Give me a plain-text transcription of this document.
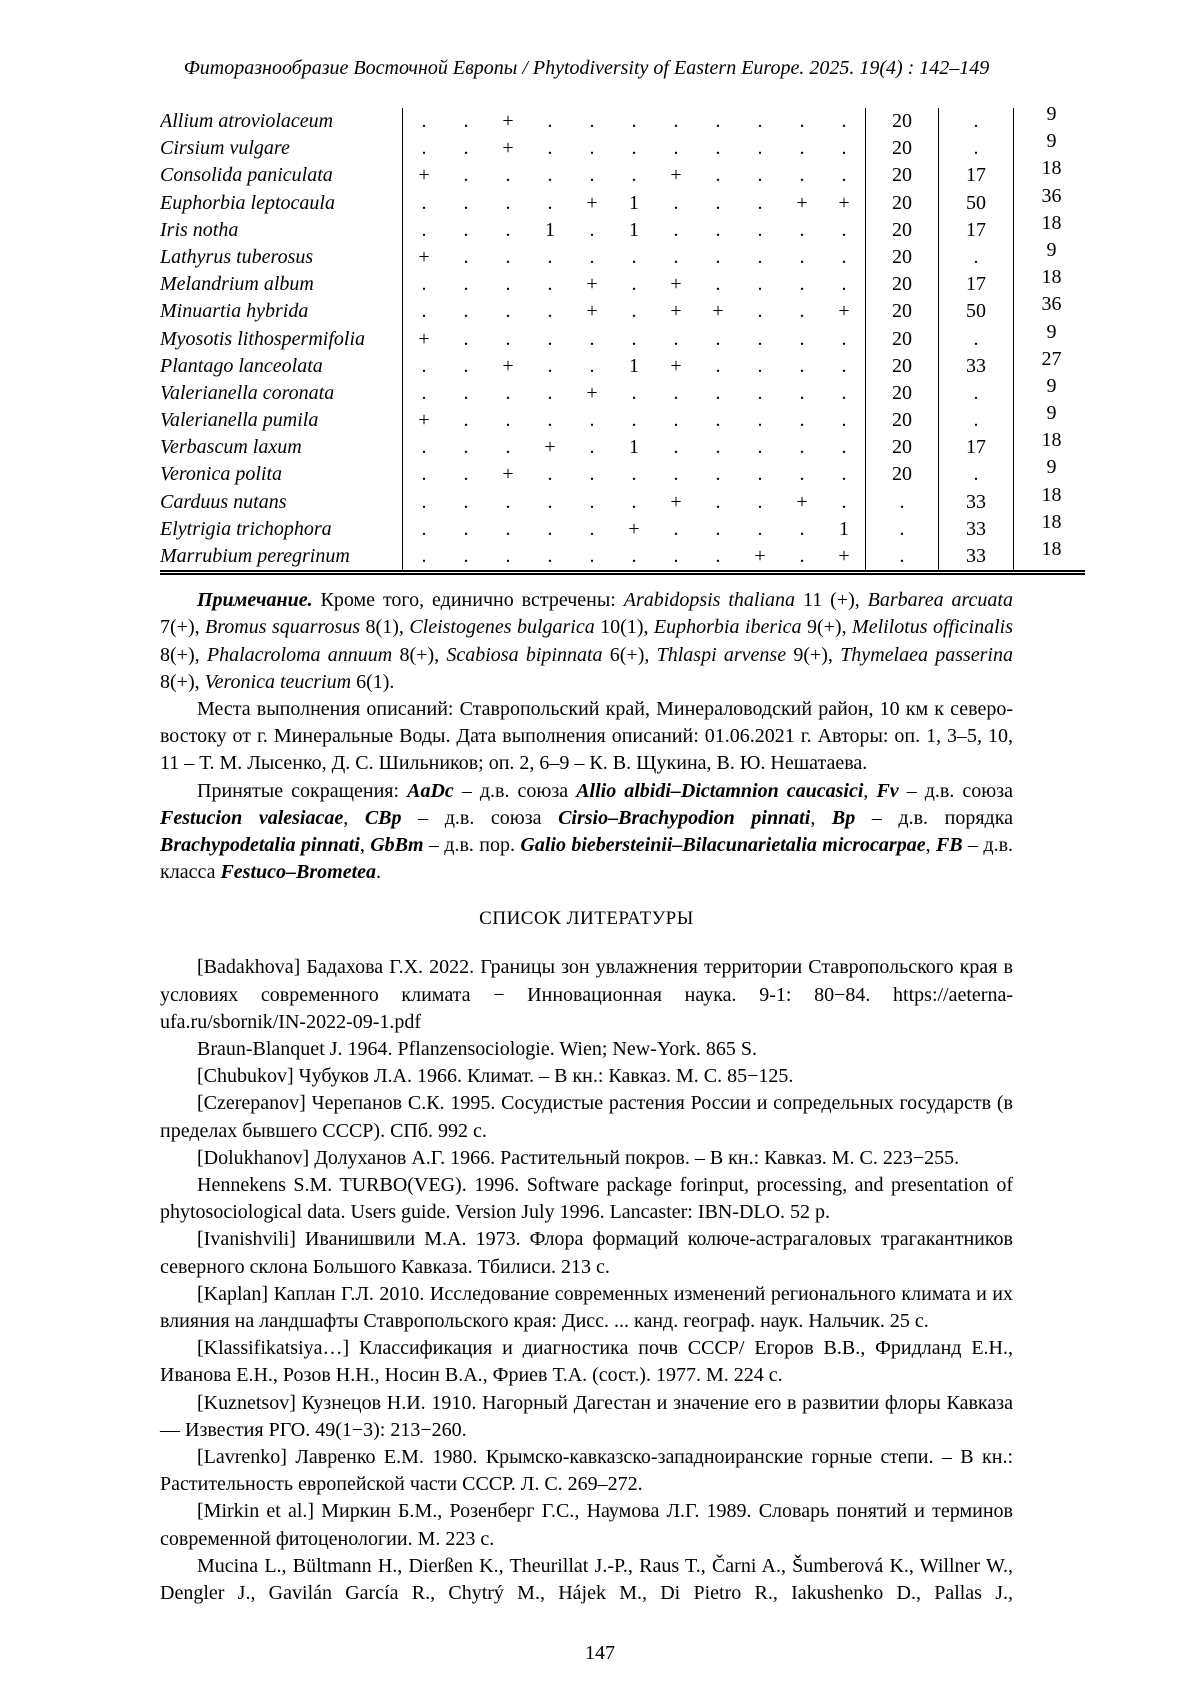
Фиторазнообразие Восточной Европы / Phytodiversity of Eastern Europe. 2025. 19(4) : 142–149
Allium atroviolaceum	.	.	+	.	.	.	.	.	.	.	.	20	.	9
Cirsium vulgare	.	.	+	.	.	.	.	.	.	.	.	20	.	9
Consolida paniculata	+	.	.	.	.	.	+	.	.	.	.	20	17	18
Euphorbia leptocaula	.	.	.	.	+	1	.	.	.	+	+	20	50	36
Iris notha	.	.	.	1	.	1	.	.	.	.	.	20	17	18
Lathyrus tuberosus	+	.	.	.	.	.	.	.	.	.	.	20	.	9
Melandrium album	.	.	.	.	+	.	+	.	.	.	.	20	17	18
Minuartia hybrida	.	.	.	.	+	.	+	+	.	.	+	20	50	36
Myosotis lithospermifolia	+	.	.	.	.	.	.	.	.	.	.	20	.	9
Plantago lanceolata	.	.	+	.	.	1	+	.	.	.	.	20	33	27
Valerianella coronata	.	.	.	.	+	.	.	.	.	.	.	20	.	9
Valerianella pumila	+	.	.	.	.	.	.	.	.	.	.	20	.	9
Verbascum laxum	.	.	.	+	.	1	.	.	.	.	.	20	17	18
Veronica polita	.	.	+	.	.	.	.	.	.	.	.	20	.	9
Carduus nutans	.	.	.	.	.	.	+	.	.	+	.	.	33	18
Elytrigia trichophora	.	.	.	.	.	+	.	.	.	.	1	.	33	18
Marrubium peregrinum	.	.	.	.	.	.	.	.	+	.	+	.	33	18

Примечание. Кроме того, единично встречены: Arabidopsis thaliana 11 (+), Barbarea arcuata 7(+), Bromus squarrosus 8(1), Cleistogenes bulgarica 10(1), Euphorbia iberica 9(+), Melilotus officinalis 8(+), Phalacroloma annuum 8(+), Scabiosa bipinnata 6(+), Thlaspi arvense 9(+), Thymelaea passerina 8(+), Veronica teucrium 6(1).

Места выполнения описаний: Ставропольский край, Минераловодский район, 10 км к северо-востоку от г. Минеральные Воды. Дата выполнения описаний: 01.06.2021 г. Авторы: оп. 1, 3–5, 10, 11 – Т. М. Лысенко, Д. С. Шильников; оп. 2, 6–9 – К. В. Щукина, В. Ю. Нешатаева.

Принятые сокращения: AaDc – д.в. союза Allio albidi–Dictamnion caucasici, Fv – д.в. союза Festucion valesiacae, CBp – д.в. союза Cirsio–Brachypodion pinnati, Bp – д.в. порядка Brachypodetalia pinnati, GbBm – д.в. пор. Galio biebersteinii–Bilacunarietalia microcarpae, FB – д.в. класса Festuco–Brometea.

СПИСОК ЛИТЕРАТУРЫ

[Badakhova] Бадахова Г.Х. 2022. Границы зон увлажнения территории Ставропольского края в условиях современного климата − Инновационная наука. 9-1: 80−84. https://aeterna-ufa.ru/sbornik/IN-2022-09-1.pdf

Braun-Blanquet J. 1964. Pflanzensociologie. Wien; New-York. 865 S.

[Chubukov] Чубуков Л.А. 1966. Климат. – В кн.: Кавказ. М. С. 85−125.

[Czerepanov] Черепанов С.К. 1995. Сосудистые растения России и сопредельных государств (в пределах бывшего СССР). СПб. 992 с.

[Dolukhanov] Долуханов А.Г. 1966. Растительный покров. – В кн.: Кавказ. М. С. 223−255.

Hennekens S.M. TURBO(VEG). 1996. Software package forinput, processing, and presentation of phytosociological data. Users guide. Version July 1996. Lancaster: IBN-DLO. 52 p.

[Ivanishvili] Иванишвили М.А. 1973. Флора формаций колюче-астрагаловых трагакантников северного склона Большого Кавказа. Тбилиси. 213 с.

[Kaplan] Каплан Г.Л. 2010. Исследование современных изменений регионального климата и их влияния на ландшафты Ставропольского края: Дисс. ... канд. географ. наук. Нальчик. 25 с.

[Klassifikatsiya…] Классификация и диагностика почв СССР/ Егоров В.В., Фридланд Е.Н., Иванова Е.Н., Розов Н.Н., Носин В.А., Фриев Т.А. (сост.). 1977. М. 224 с.

[Kuznetsov] Кузнецов Н.И. 1910. Нагорный Дагестан и значение его в развитии флоры Кавказа — Известия РГО. 49(1−3): 213−260.

[Lavrenko] Лавренко Е.М. 1980. Крымско-кавказско-западноиранские горные степи. – В кн.: Растительность европейской части СССР. Л. С. 269–272.

[Mirkin et al.] Миркин Б.М., Розенберг Г.С., Наумова Л.Г. 1989. Словарь понятий и терминов современной фитоценологии. М. 223 с.

Mucina L., Bültmann H., Dierßen K., Theurillat J.-P., Raus T., Čarni A., Šumberová K., Willner W., Dengler J., Gavilán García R., Chytrý M., Hájek M., Di Pietro R., Iakushenko D., Pallas J.,

147
